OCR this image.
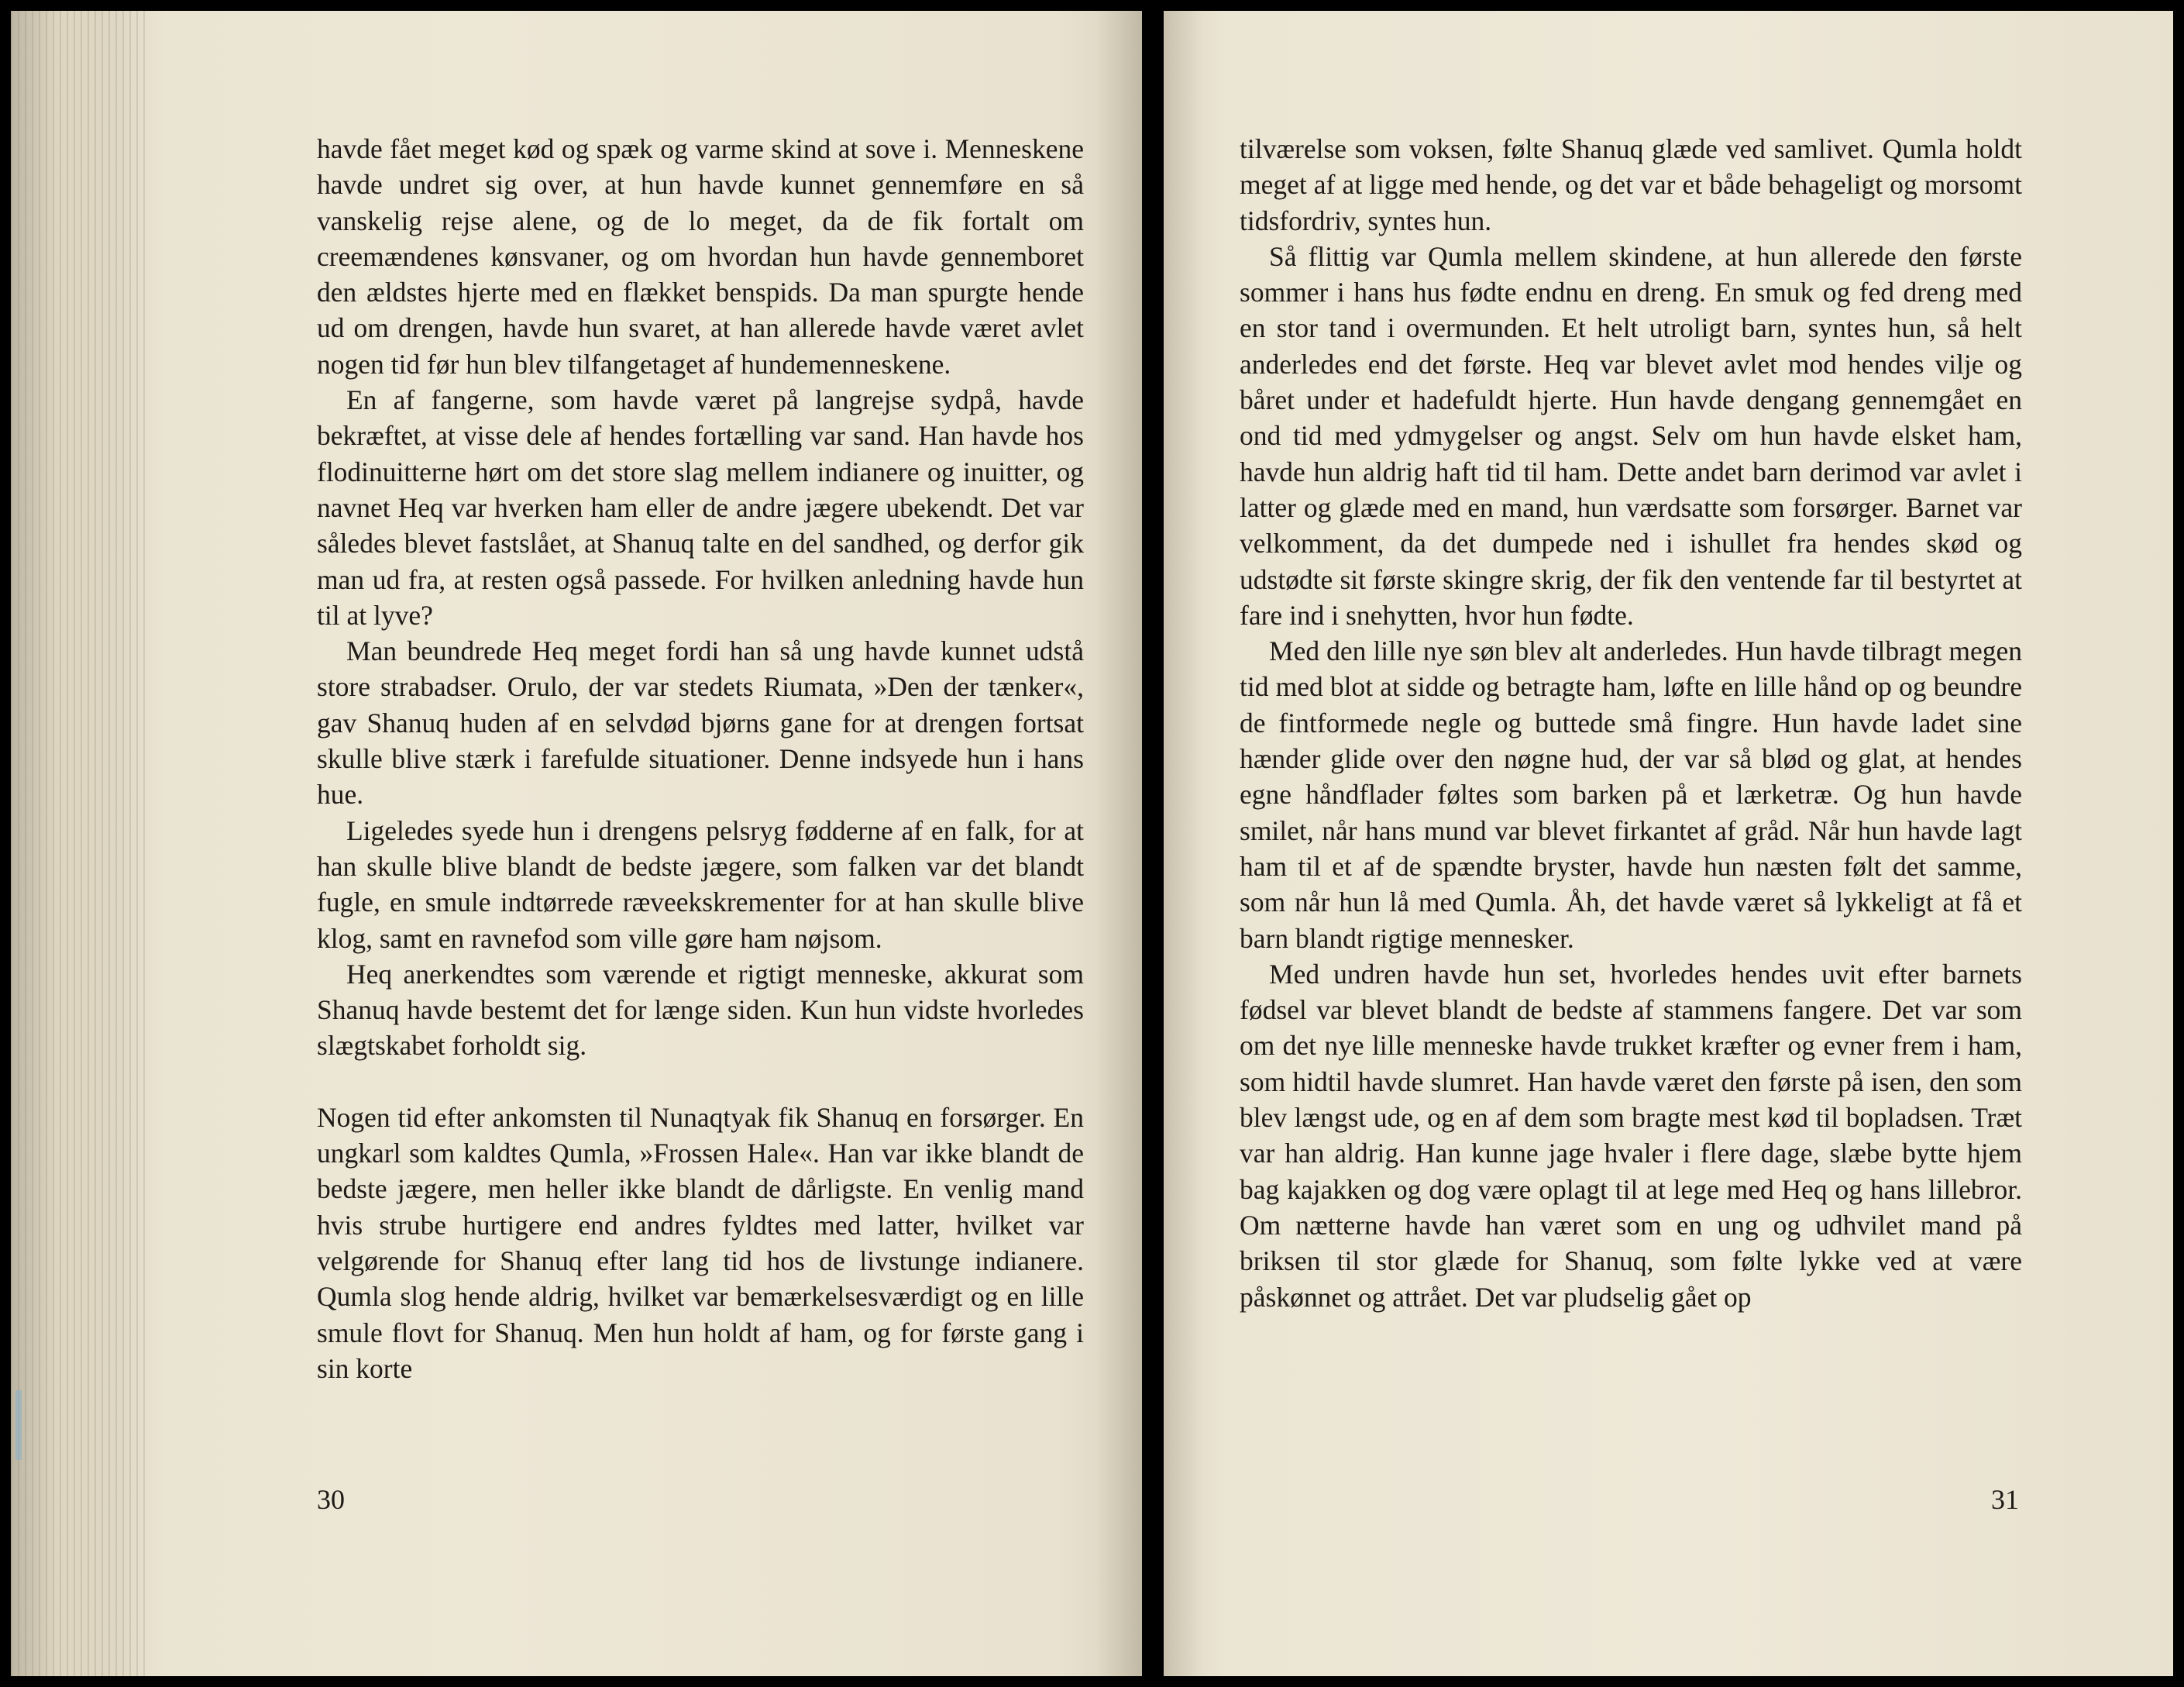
havde fået meget kød og spæk og varme skind at sove i. Menneskene havde undret sig over, at hun havde kunnet gennemføre en så vanskelig rejse alene, og de lo meget, da de fik fortalt om creemændenes kønsvaner, og om hvordan hun havde gennemboret den ældstes hjerte med en flækket benspids. Da man spurgte hende ud om drengen, havde hun svaret, at han allerede havde været avlet nogen tid før hun blev tilfangetaget af hundemenneskene.

En af fangerne, som havde været på langrejse sydpå, havde bekræftet, at visse dele af hendes fortælling var sand. Han havde hos flodinuitterne hørt om det store slag mellem indianere og inuitter, og navnet Heq var hverken ham eller de andre jægere ubekendt. Det var således blevet fastslået, at Shanuq talte en del sandhed, og derfor gik man ud fra, at resten også passede. For hvilken anledning havde hun til at lyve?

Man beundrede Heq meget fordi han så ung havde kunnet udstå store strabadser. Orulo, der var stedets Riumata, »Den der tænker«, gav Shanuq huden af en selvdød bjørns gane for at drengen fortsat skulle blive stærk i farefulde situationer. Denne indsyede hun i hans hue.

Ligeledes syede hun i drengens pelsryg fødderne af en falk, for at han skulle blive blandt de bedste jægere, som falken var det blandt fugle, en smule indtørrede ræveekskrementer for at han skulle blive klog, samt en ravnefod som ville gøre ham nøjsom.

Heq anerkendtes som værende et rigtigt menneske, akkurat som Shanuq havde bestemt det for længe siden. Kun hun vidste hvorledes slægtskabet forholdt sig.

Nogen tid efter ankomsten til Nunaqtyak fik Shanuq en forsørger. En ungkarl som kaldtes Qumla, »Frossen Hale«. Han var ikke blandt de bedste jægere, men heller ikke blandt de dårligste. En venlig mand hvis strube hurtigere end andres fyldtes med latter, hvilket var velgørende for Shanuq efter lang tid hos de livstunge indianere. Qumla slog hende aldrig, hvilket var bemærkelsesværdigt og en lille smule flovt for Shanuq. Men hun holdt af ham, og for første gang i sin korte

30

tilværelse som voksen, følte Shanuq glæde ved samlivet. Qumla holdt meget af at ligge med hende, og det var et både behageligt og morsomt tidsfordriv, syntes hun.

Så flittig var Qumla mellem skindene, at hun allerede den første sommer i hans hus fødte endnu en dreng. En smuk og fed dreng med en stor tand i overmunden. Et helt utroligt barn, syntes hun, så helt anderledes end det første. Heq var blevet avlet mod hendes vilje og båret under et hadefuldt hjerte. Hun havde dengang gennemgået en ond tid med ydmygelser og angst. Selv om hun havde elsket ham, havde hun aldrig haft tid til ham. Dette andet barn derimod var avlet i latter og glæde med en mand, hun værdsatte som forsørger. Barnet var velkomment, da det dumpede ned i ishullet fra hendes skød og udstødte sit første skingre skrig, der fik den ventende far til bestyrtet at fare ind i snehytten, hvor hun fødte.

Med den lille nye søn blev alt anderledes. Hun havde tilbragt megen tid med blot at sidde og betragte ham, løfte en lille hånd op og beundre de fintformede negle og buttede små fingre. Hun havde ladet sine hænder glide over den nøgne hud, der var så blød og glat, at hendes egne håndflader føltes som barken på et lærketræ. Og hun havde smilet, når hans mund var blevet firkantet af gråd. Når hun havde lagt ham til et af de spændte bryster, havde hun næsten følt det samme, som når hun lå med Qumla. Åh, det havde været så lykkeligt at få et barn blandt rigtige mennesker.

Med undren havde hun set, hvorledes hendes uvit efter barnets fødsel var blevet blandt de bedste af stammens fangere. Det var som om det nye lille menneske havde trukket kræfter og evner frem i ham, som hidtil havde slumret. Han havde været den første på isen, den som blev længst ude, og en af dem som bragte mest kød til bopladsen. Træt var han aldrig. Han kunne jage hvaler i flere dage, slæbe bytte hjem bag kajakken og dog være oplagt til at lege med Heq og hans lillebror. Om nætterne havde han været som en ung og udhvilet mand på briksen til stor glæde for Shanuq, som følte lykke ved at være påskønnet og attrået. Det var pludselig gået op

31
